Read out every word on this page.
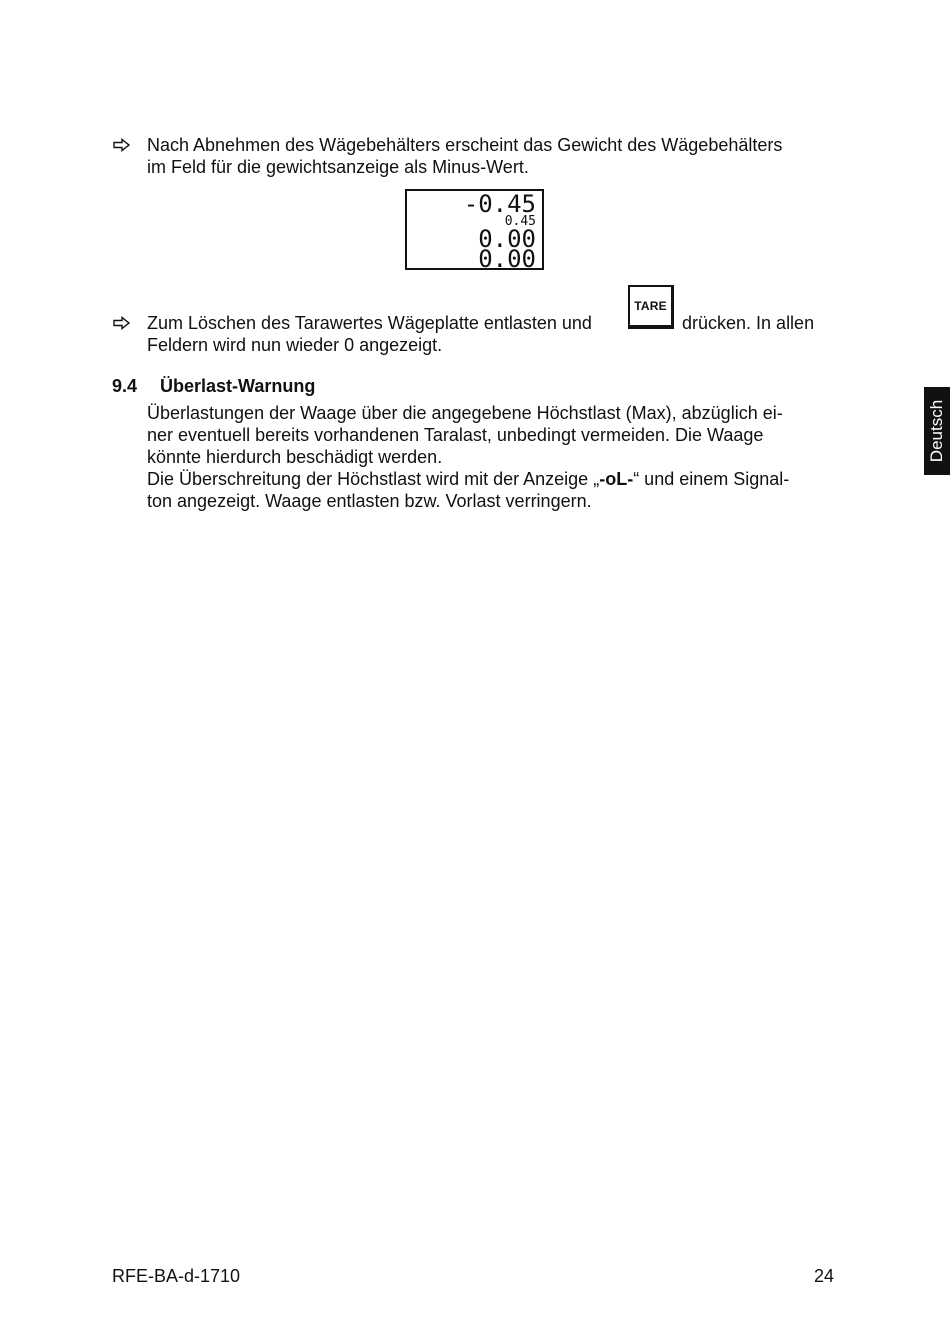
Nach Abnehmen des Wägebehälters erscheint das Gewicht des Wägebehälters
im Feld für die gewichtsanzeige als Minus-Wert.
-0.45
0.45
0.00
0.00
Zum Löschen des Tarawertes Wägeplatte entlasten und
TARE
drücken. In allen
Feldern wird nun wieder 0 angezeigt.
9.4 Überlast-Warnung
Überlastungen der Waage über die angegebene Höchstlast (Max), abzüglich ei-
ner eventuell bereits vorhandenen Taralast, unbedingt vermeiden. Die Waage
könnte hierdurch beschädigt werden.
Die Überschreitung der Höchstlast wird mit der Anzeige „-oL-“ und einem Signal-
ton angezeigt. Waage entlasten bzw. Vorlast verringern.
Deutsch
RFE-BA-d-1710	24
